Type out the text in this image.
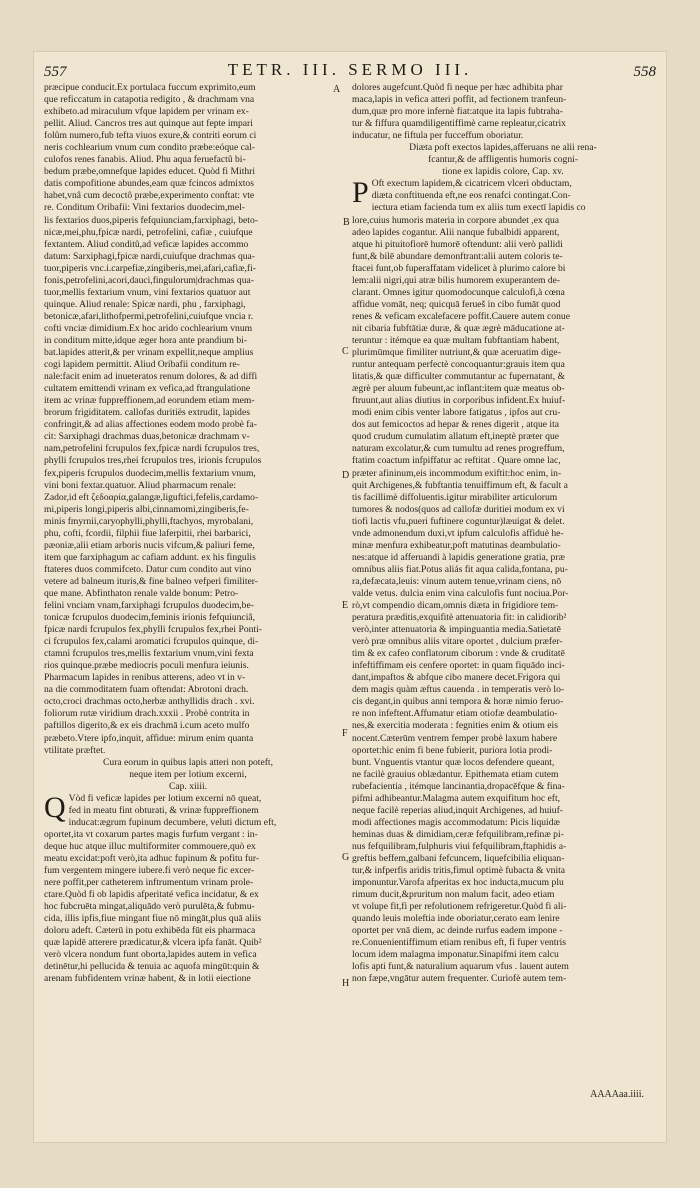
557	TETR. III. SERMO III.	558
præcipue conducit.Ex portulaca fuccum exprimito,eum
que reficcatum in catapotia redigito , & drachmam vna
exhibeto.ad miraculum vfque lapidem per vrinam ex-
pellit. Aliud. Cancros tres aut quinque aut fepte impari
folûm numero,fub tefta viuos exure,& contriti eorum ci
neris cochlearium vnum cum condito præbe:eóque cal-
culofos renes fanabis. Aliud. Phu aqua feruefactû bi-
bedum præbe,omnefque lapides educet. Quòd fi Mithri
datis compofitione abundes,eam quæ fcincos admixtos
habet,vnâ cum decoctô præbe,experimento conftat: vte
re. Conditum Oribafii: Vini fextarios duodecim,mel-
lis fextarios duos,piperis fefquiunciam,farxiphagi, beto-
nicæ,mei,phu,fpicæ nardi, petrofelini, cafiæ , cuiufque
fextantem. Aliud conditû,ad veficæ lapides accommo
datum: Sarxiphagi,fpicæ nardi,cuiufque drachmas qua-
tuor,piperis vnc.i.carpefiæ,zingiberis,mei,afari,cafiæ,fi-
fonis,petrofelini,acori,dauci,fingulorum|drachmas qua-
tuor,mellis fextarium vnum, vini fextarios quatuor aut
quinque. Aliud renale: Spicæ nardi, phu , farxiphagi,
betonicæ,afari,lithofpermi,petrofelini,cuiufque vncia r.
cofti vnciæ dimidium.Ex hoc arido cochlearium vnum
in conditum mitte,idque æger hora ante prandium bi-
bat.lapides atterit,& per vrinam expellit,neque amplius
cogi lapidem permittit. Aliud Oribafii conditum re-
nale:facit enim ad inueteratos renum dolores, & ad diffi
cultatem emittendi vrinam ex vefica,ad ftrangulatione
item ac vrinæ fuppreffionem,ad eorundem etiam mem-
brorum frigiditatem. callofas duritiës extrudit, lapides
confringit,& ad alias affectiones eodem modo probè fa-
cit: Sarxiphagi drachmas duas,betonicæ drachmam v-
nam,petrofelini fcrupulos fex,fpicæ nardi fcrupulos tres,
phylli fcrupulos tres,rhei fcrupulos tres, irionis fcrupulos
fex,piperis fcrupulos duodecim,mellis fextarium vnum,
vini boni fextar.quatuor. Aliud pharmacum renale:
Zador,id eft ζεδοαρία,galangæ,liguftici,fefelis,cardamo-
mi,piperis longi,piperis albi,cinnamomi,zingiberis,fe-
minis fmyrnii,caryophylli,phylli,ftachyos, myrobalani,
phu, cofti, fcordii, filphii fiue laferpitii, rhei barbarici,
pæoniæ,alii etiam arboris nucis vifcum,& paliuri feme,
item que farxiphagum ac cafiam addunt. ex his fingulis
ftateres duos commifceto. Datur cum condito aut vino
vetere ad balneum ituris,& fine balneo vefperi fimiliter-
que mane. Abfinthaton renale valde bonum: Petro-
felini vnciam vnam,farxiphagi fcrupulos duodecim,be-
tonicæ fcrupulos duodecim,feminis irionis fefquiunciâ,
fpicæ nardi fcrupulos fex,phylli fcrupulos fex,rhei Ponti-
ci fcrupulos fex,calami aromatici fcrupulos quinque, di-
ctamni fcrupulos tres,mellis fextarium vnum,vini fexta
rios quinque.præbe mediocris poculi menfura ieiunis.
Pharmacum lapides in renibus atterens, adeo vt in v-
na die commoditatem fuam oftendat: Abrotoni drach.
octo,croci drachmas octo,herbæ anthyllidis drach . xvi.
foliorum rutæ viridium drach.xxxii . Probè contrita in
paftillos digerito,& ex eis drachmā i.cum aceto mulfo
præbeto.Vtere ipfo,inquit, affidue: mirum enim quanta
vtilitate præftet.
Cura eorum in quibus lapis atteri non poteft,
neque item per lotium excerni,
Cap. xiiii.
Q Vòd fi veficæ lapides per lotium excerni nō queat,
fed in meatu fint obturati, & vrinæ fuppreffionem
inducat:ægrum fupinum decumbere, veluti dictum eft,
oportet,ita vt coxarum partes magis furfum vergant : in-
deque huc atque illuc multiformiter commouere,quò ex
meatu excidat:poft verò,ita adhuc fupinum & pofitu fur-
fum vergentem mingere iubere.fi verò neque fic excer-
nere poffit,per catheterem inftrumentum vrinam prole-
ctare.Quòd fi ob lapidis afperitaté vefica incidatur, & ex
hoc fubcruēta mingat,aliquādo verò purulēta,& fubmu-
cida, illis ipfis,fiue mingant fiue nō mingāt,plus quā aliis
doloru adeft. Cæterū in potu exhibēda fūt eis pharmaca
quæ lapidē atterere prædicatur,& vlcera ipfa fanāt. Quib²
verò vlcera nondum funt oborta,lapides autem in vefica
detinētur,hi pellucida & tenuia ac aquofa mingūt:quin &
arenam fubfidentem vrinæ habent, & in lotii eiectione
dolores augefcunt.Quòd fi neque per hæc adhibita phar
maca,lapis in vefica atteri poffit, ad fectionem tranfeun-
dum,quæ pro more infernè fiat:atque ita lapis fubtraha-
tur & fiffura quamdiligentiffimè carne repleatur,cicatrix
inducatur, ne fiftula per fucceffum oboriatur.
Diæta poft exectos lapides,afferuans ne alii rena-
fcantur,& de affligentis humoris cogni-
tione ex lapidis colore, Cap. xv.
P Oft exectum lapidem,& cicatricem vlceri obductam,
diæta conftituenda eft,ne eos renafci contingat.Con-
iectura etiam facienda tum ex aliis tum exectī lapidis co
lore,cuius humoris materia in corpore abundet ,ex qua
adeo lapides cogantur. Alii nanque fubalbidi apparent,
atque hi pituitofiorē humorē oftendunt: alii verò pallidi
funt,& bilē abundare demonftrant:alii autem coloris te-
ftacei funt,ob fuperaffatam videlicet à plurimo calore bi
lem:alii nigri,qui atræ bilis humorem exuperantem de-
clarant. Omnes igitur quomodocunque calculofi,à cœna
affidue vomāt, neq; quicquā ferueš in cibo fumāt quod
renes & veficam excalefacere poffit.Cauere autem conue
nit cibaria fubftātiæ duræ, & quæ ægrè māducatione at-
teruntur : itémque ea quæ multam fubftantiam habent,
plurimūmque fimiliter nutriunt,& quæ aceruatim dige-
runtur antequam perfectè concoquantur:grauis item qua
litatis,& quæ difficulter commutantur ac fupernatant, &
ægrè per aluum fubeunt,ac inflant:item quæ meatus ob-
ftruunt,aut alias diutius in corporibus infident.Ex huiuf-
modi enim cibis venter labore fatigatus , ipfos aut cru-
dos aut femicoctos ad hepar & renes digerit , atque ita
quod crudum cumulatim allatum eft,ineptè præter que
naturam excolatur,& cum tumultu ad renes progreffum,
ftatim coactum infpiffatur ac reftitat . Quare omne lac,
præter afininum,eis incommodum exiftit:hoc enim, in-
quit Archigenes,& fubftantia tenuiffimum eft, & facult a
tis facillimè diffoluentis.igitur mirabiliter articulorum
tumores & nodos(quos ad callofæ duritiei modum ex vi
tiofi lactis vfu,pueri fuftinere coguntur)læuigat & delet.
vnde admonendum duxi,vt ipfum calculofis affiduè he-
minæ menfura exhibeatur,poft matutinas deambulatio-
nes:atque id afferuandi à lapidis generatione gratia, præ
omnibus aliis fiat.Potus aliás fit aqua calida,fontana, pu-
ra,defæcata,leuis: vinum autem tenue,vrinam ciens, nō
valde vetus. dulcia enim vina calculofis funt nociua.Por-
rò,vt compendio dicam,omnis diæta in frigidiore tem-
peratura præditis,exquifitè attenuatoria fit: in calidiorib²
verò,inter attenuatoria & impinguantia media.Satietatē
verò præ omnibus aliis vitare oportet , dulcium præfer-
tim & ex cafeo conflatorum ciborum : vnde & cruditatē
infeftiffimam eis cenfere oportet: in quam fiquādo inci-
dant,impaftos & abfque cibo manere decet.Frigora qui
dem magis quàm æftus cauenda . in temperatis verò lo-
cis degant,in quibus anni tempora & horæ nimio feruo-
re non infeftent.Affumatur etiam otiofæ deambulatio-
nes,& exercitia moderata : fegnities enim & otium eis
nocent.Cæterūm ventrem femper probè laxum habere
oportet:hic enim fi bene fubierit, puriora lotia prodi-
bunt. Vnguentis vtantur quæ locos defendere queant,
ne facilè grauius oblædantur. Epithemata etiam cutem
rubefacientia , itémque lancinantia,dropacēfque & fina-
pifmi adhibeantur.Malagma autem exquifitum hoc eft,
neque facilè reperias aliud,inquit Archigenes, ad huiuf-
modi affectiones magis accommodatum: Picis liquidæ
heminas duas & dimidiam,ceræ fefquilibram,refinæ pi-
nus fefquilibram,fulphuris viui fefquilibram,ftaphidis a-
greftis beffem,galbani fefcuncem, liquefcibilia eliquan-
tur,& infperfis aridis tritis,fimul optimè fubacta & vnita
imponuntur.Varofa afperitas ex hoc inducta,mucum plu
rimum ducit,&pruritum non malum facit, adeo etiam
vt volupe fit,fi per refolutionem refrigeretur.Quòd fi ali-
quando leuis moleftia inde oboriatur,cerato eam lenire
oportet per vnā diem, ac deinde rurfus eadem impone -
re.Conuenientiffimum etiam renibus eft, fi fuper ventris
locum idem malagma imponatur.Sinapifmi item calcu
lofis apti funt,& naturalium aquarum vfus . lauent autem
non fæpe,vngātur autem frequenter. Curiofè autem tem-
A
B
C
D
E
F
G
H
AAAAaa.iiii.
